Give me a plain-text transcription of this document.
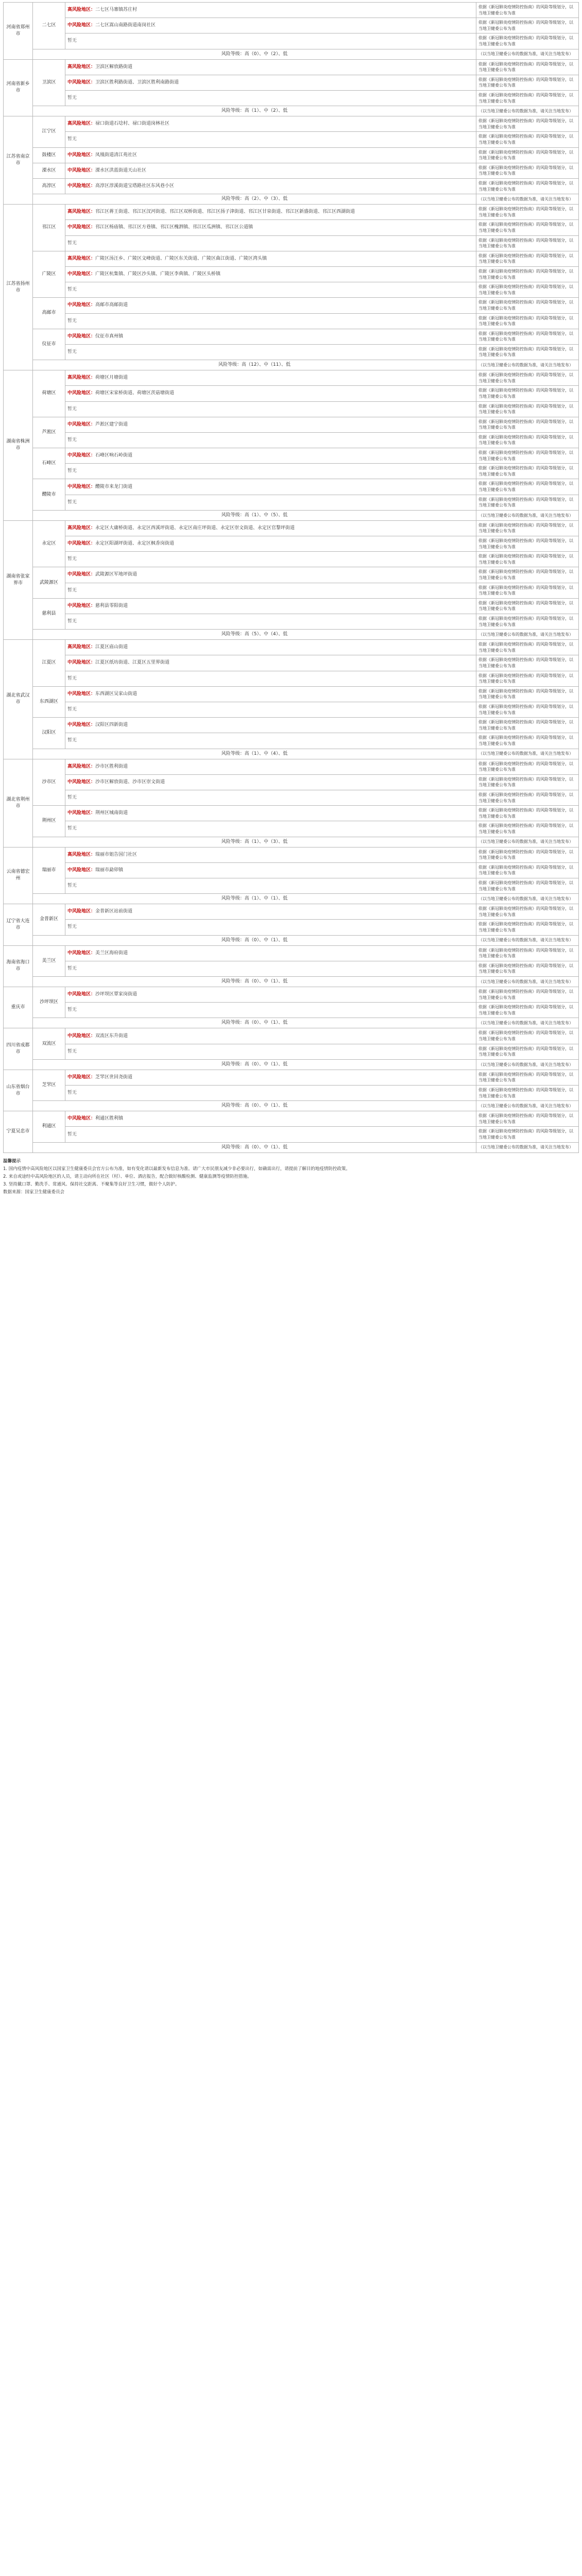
河南省郑州市	二七区	高风险地区：二七区马寨镇苏庄村	依据《新冠肺炎疫情防控指南》的风险等级划分，以当地卫健委公布为准
		中风险地区：二七区嵩山南路街道南岗社区	依据《新冠肺炎疫情防控指南》的风险等级划分，以当地卫健委公布为准
		暂无	依据《新冠肺炎疫情防控指南》的风险等级划分，以当地卫健委公布为准
	风险等级：高（0）、中（2）、低		（以当地卫健委公布的数据为准，请关注当地发布）
河南省新乡市	卫滨区	高风险地区：卫滨区解放路街道	依据《新冠肺炎疫情防控指南》的风险等级划分，以当地卫健委公布为准
		中风险地区：卫滨区胜利路街道、卫滨区胜利南路街道	依据《新冠肺炎疫情防控指南》的风险等级划分，以当地卫健委公布为准
		暂无	依据《新冠肺炎疫情防控指南》的风险等级划分，以当地卫健委公布为准
	风险等级：高（1）、中（2）、低		（以当地卫健委公布的数据为准，请关注当地发布）
江苏省南京市	江宁区	高风险地区：禄口街道石埝村、禄口街道岗林社区	依据《新冠肺炎疫情防控指南》的风险等级划分，以当地卫健委公布为准
		暂无	依据《新冠肺炎疫情防控指南》的风险等级划分，以当地卫健委公布为准
	鼓楼区	中风险地区：凤凰街道清江苑社区	依据《新冠肺炎疫情防控指南》的风险等级划分，以当地卫健委公布为准
	溧水区	中风险地区：溧水区洪蓝街道天山社区	依据《新冠肺炎疫情防控指南》的风险等级划分，以当地卫健委公布为准
	高淳区	中风险地区：高淳区淳溪街道宝塔路社区东风巷小区	依据《新冠肺炎疫情防控指南》的风险等级划分，以当地卫健委公布为准
	风险等级：高（2）、中（3）、低		（以当地卫健委公布的数据为准，请关注当地发布）
江苏省扬州市	邗江区	高风险地区：邗江区蒋王街道、邗江区汊河街道、邗江区双桥街道、邗江区扬子津街道、邗江区甘泉街道、邗江区新盛街道、邗江区西湖街道	依据《新冠肺炎疫情防控指南》的风险等级划分，以当地卫健委公布为准
		中风险地区：邗江区杨庙镇、邗江区方巷镇、邗江区槐泗镇、邗江区瓜洲镇、邗江区公道镇	依据《新冠肺炎疫情防控指南》的风险等级划分，以当地卫健委公布为准
		暂无	依据《新冠肺炎疫情防控指南》的风险等级划分，以当地卫健委公布为准
	广陵区	高风险地区：广陵区汤汪乡、广陵区文峰街道、广陵区东关街道、广陵区曲江街道、广陵区湾头镇	依据《新冠肺炎疫情防控指南》的风险等级划分，以当地卫健委公布为准
		中风险地区：广陵区杭集镇、广陵区沙头镇、广陵区李典镇、广陵区头桥镇	依据《新冠肺炎疫情防控指南》的风险等级划分，以当地卫健委公布为准
		暂无	依据《新冠肺炎疫情防控指南》的风险等级划分，以当地卫健委公布为准
	高邮市	中风险地区：高邮市高邮街道	依据《新冠肺炎疫情防控指南》的风险等级划分，以当地卫健委公布为准
		暂无	依据《新冠肺炎疫情防控指南》的风险等级划分，以当地卫健委公布为准
	仪征市	中风险地区：仪征市真州镇	依据《新冠肺炎疫情防控指南》的风险等级划分，以当地卫健委公布为准
		暂无	依据《新冠肺炎疫情防控指南》的风险等级划分，以当地卫健委公布为准
	风险等级：高（12）、中（11）、低		（以当地卫健委公布的数据为准，请关注当地发布）
湖南省株洲市	荷塘区	高风险地区：荷塘区月塘街道	依据《新冠肺炎疫情防控指南》的风险等级划分，以当地卫健委公布为准
		中风险地区：荷塘区宋家桥街道、荷塘区茨菇塘街道	依据《新冠肺炎疫情防控指南》的风险等级划分，以当地卫健委公布为准
		暂无	依据《新冠肺炎疫情防控指南》的风险等级划分，以当地卫健委公布为准
	芦淞区	中风险地区：芦淞区建宁街道	依据《新冠肺炎疫情防控指南》的风险等级划分，以当地卫健委公布为准
		暂无	依据《新冠肺炎疫情防控指南》的风险等级划分，以当地卫健委公布为准
	石峰区	中风险地区：石峰区响石岭街道	依据《新冠肺炎疫情防控指南》的风险等级划分，以当地卫健委公布为准
		暂无	依据《新冠肺炎疫情防控指南》的风险等级划分，以当地卫健委公布为准
	醴陵市	中风险地区：醴陵市来龙门街道	依据《新冠肺炎疫情防控指南》的风险等级划分，以当地卫健委公布为准
		暂无	依据《新冠肺炎疫情防控指南》的风险等级划分，以当地卫健委公布为准
	风险等级：高（1）、中（5）、低		（以当地卫健委公布的数据为准，请关注当地发布）
湖南省张家界市	永定区	高风险地区：永定区大庸桥街道、永定区西溪坪街道、永定区南庄坪街道、永定区崇文街道、永定区官黎坪街道	依据《新冠肺炎疫情防控指南》的风险等级划分，以当地卫健委公布为准
		中风险地区：永定区阳湖坪街道、永定区枫香岗街道	依据《新冠肺炎疫情防控指南》的风险等级划分，以当地卫健委公布为准
		暂无	依据《新冠肺炎疫情防控指南》的风险等级划分，以当地卫健委公布为准
	武陵源区	中风险地区：武陵源区军地坪街道	依据《新冠肺炎疫情防控指南》的风险等级划分，以当地卫健委公布为准
		暂无	依据《新冠肺炎疫情防控指南》的风险等级划分，以当地卫健委公布为准
	慈利县	中风险地区：慈利县零阳街道	依据《新冠肺炎疫情防控指南》的风险等级划分，以当地卫健委公布为准
		暂无	依据《新冠肺炎疫情防控指南》的风险等级划分，以当地卫健委公布为准
	风险等级：高（5）、中（4）、低		（以当地卫健委公布的数据为准，请关注当地发布）
湖北省武汉市	江夏区	高风险地区：江夏区庙山街道	依据《新冠肺炎疫情防控指南》的风险等级划分，以当地卫健委公布为准
		中风险地区：江夏区纸坊街道、江夏区五里界街道	依据《新冠肺炎疫情防控指南》的风险等级划分，以当地卫健委公布为准
		暂无	依据《新冠肺炎疫情防控指南》的风险等级划分，以当地卫健委公布为准
	东西湖区	中风险地区：东西湖区吴家山街道	依据《新冠肺炎疫情防控指南》的风险等级划分，以当地卫健委公布为准
		暂无	依据《新冠肺炎疫情防控指南》的风险等级划分，以当地卫健委公布为准
	汉阳区	中风险地区：汉阳区四新街道	依据《新冠肺炎疫情防控指南》的风险等级划分，以当地卫健委公布为准
		暂无	依据《新冠肺炎疫情防控指南》的风险等级划分，以当地卫健委公布为准
	风险等级：高（1）、中（4）、低		（以当地卫健委公布的数据为准，请关注当地发布）
湖北省荆州市	沙市区	高风险地区：沙市区胜利街道	依据《新冠肺炎疫情防控指南》的风险等级划分，以当地卫健委公布为准
		中风险地区：沙市区解放街道、沙市区崇文街道	依据《新冠肺炎疫情防控指南》的风险等级划分，以当地卫健委公布为准
		暂无	依据《新冠肺炎疫情防控指南》的风险等级划分，以当地卫健委公布为准
	荆州区	中风险地区：荆州区城南街道	依据《新冠肺炎疫情防控指南》的风险等级划分，以当地卫健委公布为准
		暂无	依据《新冠肺炎疫情防控指南》的风险等级划分，以当地卫健委公布为准
	风险等级：高（1）、中（3）、低		（以当地卫健委公布的数据为准，请关注当地发布）
云南省德宏州	瑞丽市	高风险地区：瑞丽市姐告国门社区	依据《新冠肺炎疫情防控指南》的风险等级划分，以当地卫健委公布为准
		中风险地区：瑞丽市勐卯镇	依据《新冠肺炎疫情防控指南》的风险等级划分，以当地卫健委公布为准
		暂无	依据《新冠肺炎疫情防控指南》的风险等级划分，以当地卫健委公布为准
	风险等级：高（1）、中（1）、低		（以当地卫健委公布的数据为准，请关注当地发布）
辽宁省大连市	金普新区	中风险地区：金普新区站前街道	依据《新冠肺炎疫情防控指南》的风险等级划分，以当地卫健委公布为准
		暂无	依据《新冠肺炎疫情防控指南》的风险等级划分，以当地卫健委公布为准
	风险等级：高（0）、中（1）、低		（以当地卫健委公布的数据为准，请关注当地发布）
海南省海口市	美兰区	中风险地区：美兰区海府街道	依据《新冠肺炎疫情防控指南》的风险等级划分，以当地卫健委公布为准
		暂无	依据《新冠肺炎疫情防控指南》的风险等级划分，以当地卫健委公布为准
	风险等级：高（0）、中（1）、低		（以当地卫健委公布的数据为准，请关注当地发布）
重庆市	沙坪坝区	中风险地区：沙坪坝区覃家岗街道	依据《新冠肺炎疫情防控指南》的风险等级划分，以当地卫健委公布为准
		暂无	依据《新冠肺炎疫情防控指南》的风险等级划分，以当地卫健委公布为准
	风险等级：高（0）、中（1）、低		（以当地卫健委公布的数据为准，请关注当地发布）
四川省成都市	双流区	中风险地区：双流区东升街道	依据《新冠肺炎疫情防控指南》的风险等级划分，以当地卫健委公布为准
		暂无	依据《新冠肺炎疫情防控指南》的风险等级划分，以当地卫健委公布为准
	风险等级：高（0）、中（1）、低		（以当地卫健委公布的数据为准，请关注当地发布）
山东省烟台市	芝罘区	中风险地区：芝罘区世回尧街道	依据《新冠肺炎疫情防控指南》的风险等级划分，以当地卫健委公布为准
		暂无	依据《新冠肺炎疫情防控指南》的风险等级划分，以当地卫健委公布为准
	风险等级：高（0）、中（1）、低		（以当地卫健委公布的数据为准，请关注当地发布）
宁夏吴忠市	利通区	中风险地区：利通区胜利镇	依据《新冠肺炎疫情防控指南》的风险等级划分，以当地卫健委公布为准
		暂无	依据《新冠肺炎疫情防控指南》的风险等级划分，以当地卫健委公布为准
	风险等级：高（0）、中（1）、低		（以当地卫健委公布的数据为准，请关注当地发布）

温馨提示

1. 国内疫情中高风险地区以国家卫生健康委员会官方公布为准，如有变化请以最新发布信息为准。请广大市民朋友减少非必要出行，如确需出行，请提前了解目的地疫情防控政策。

2. 来自或途经中高风险地区的人员，请主动向所在社区（村）、单位、酒店报告，配合做好核酸检测、健康监测等疫情防控措施。

3. 坚持戴口罩、勤洗手、常通风、保持社交距离、不聚集等良好卫生习惯，做好个人防护。

数据来源：国家卫生健康委员会
